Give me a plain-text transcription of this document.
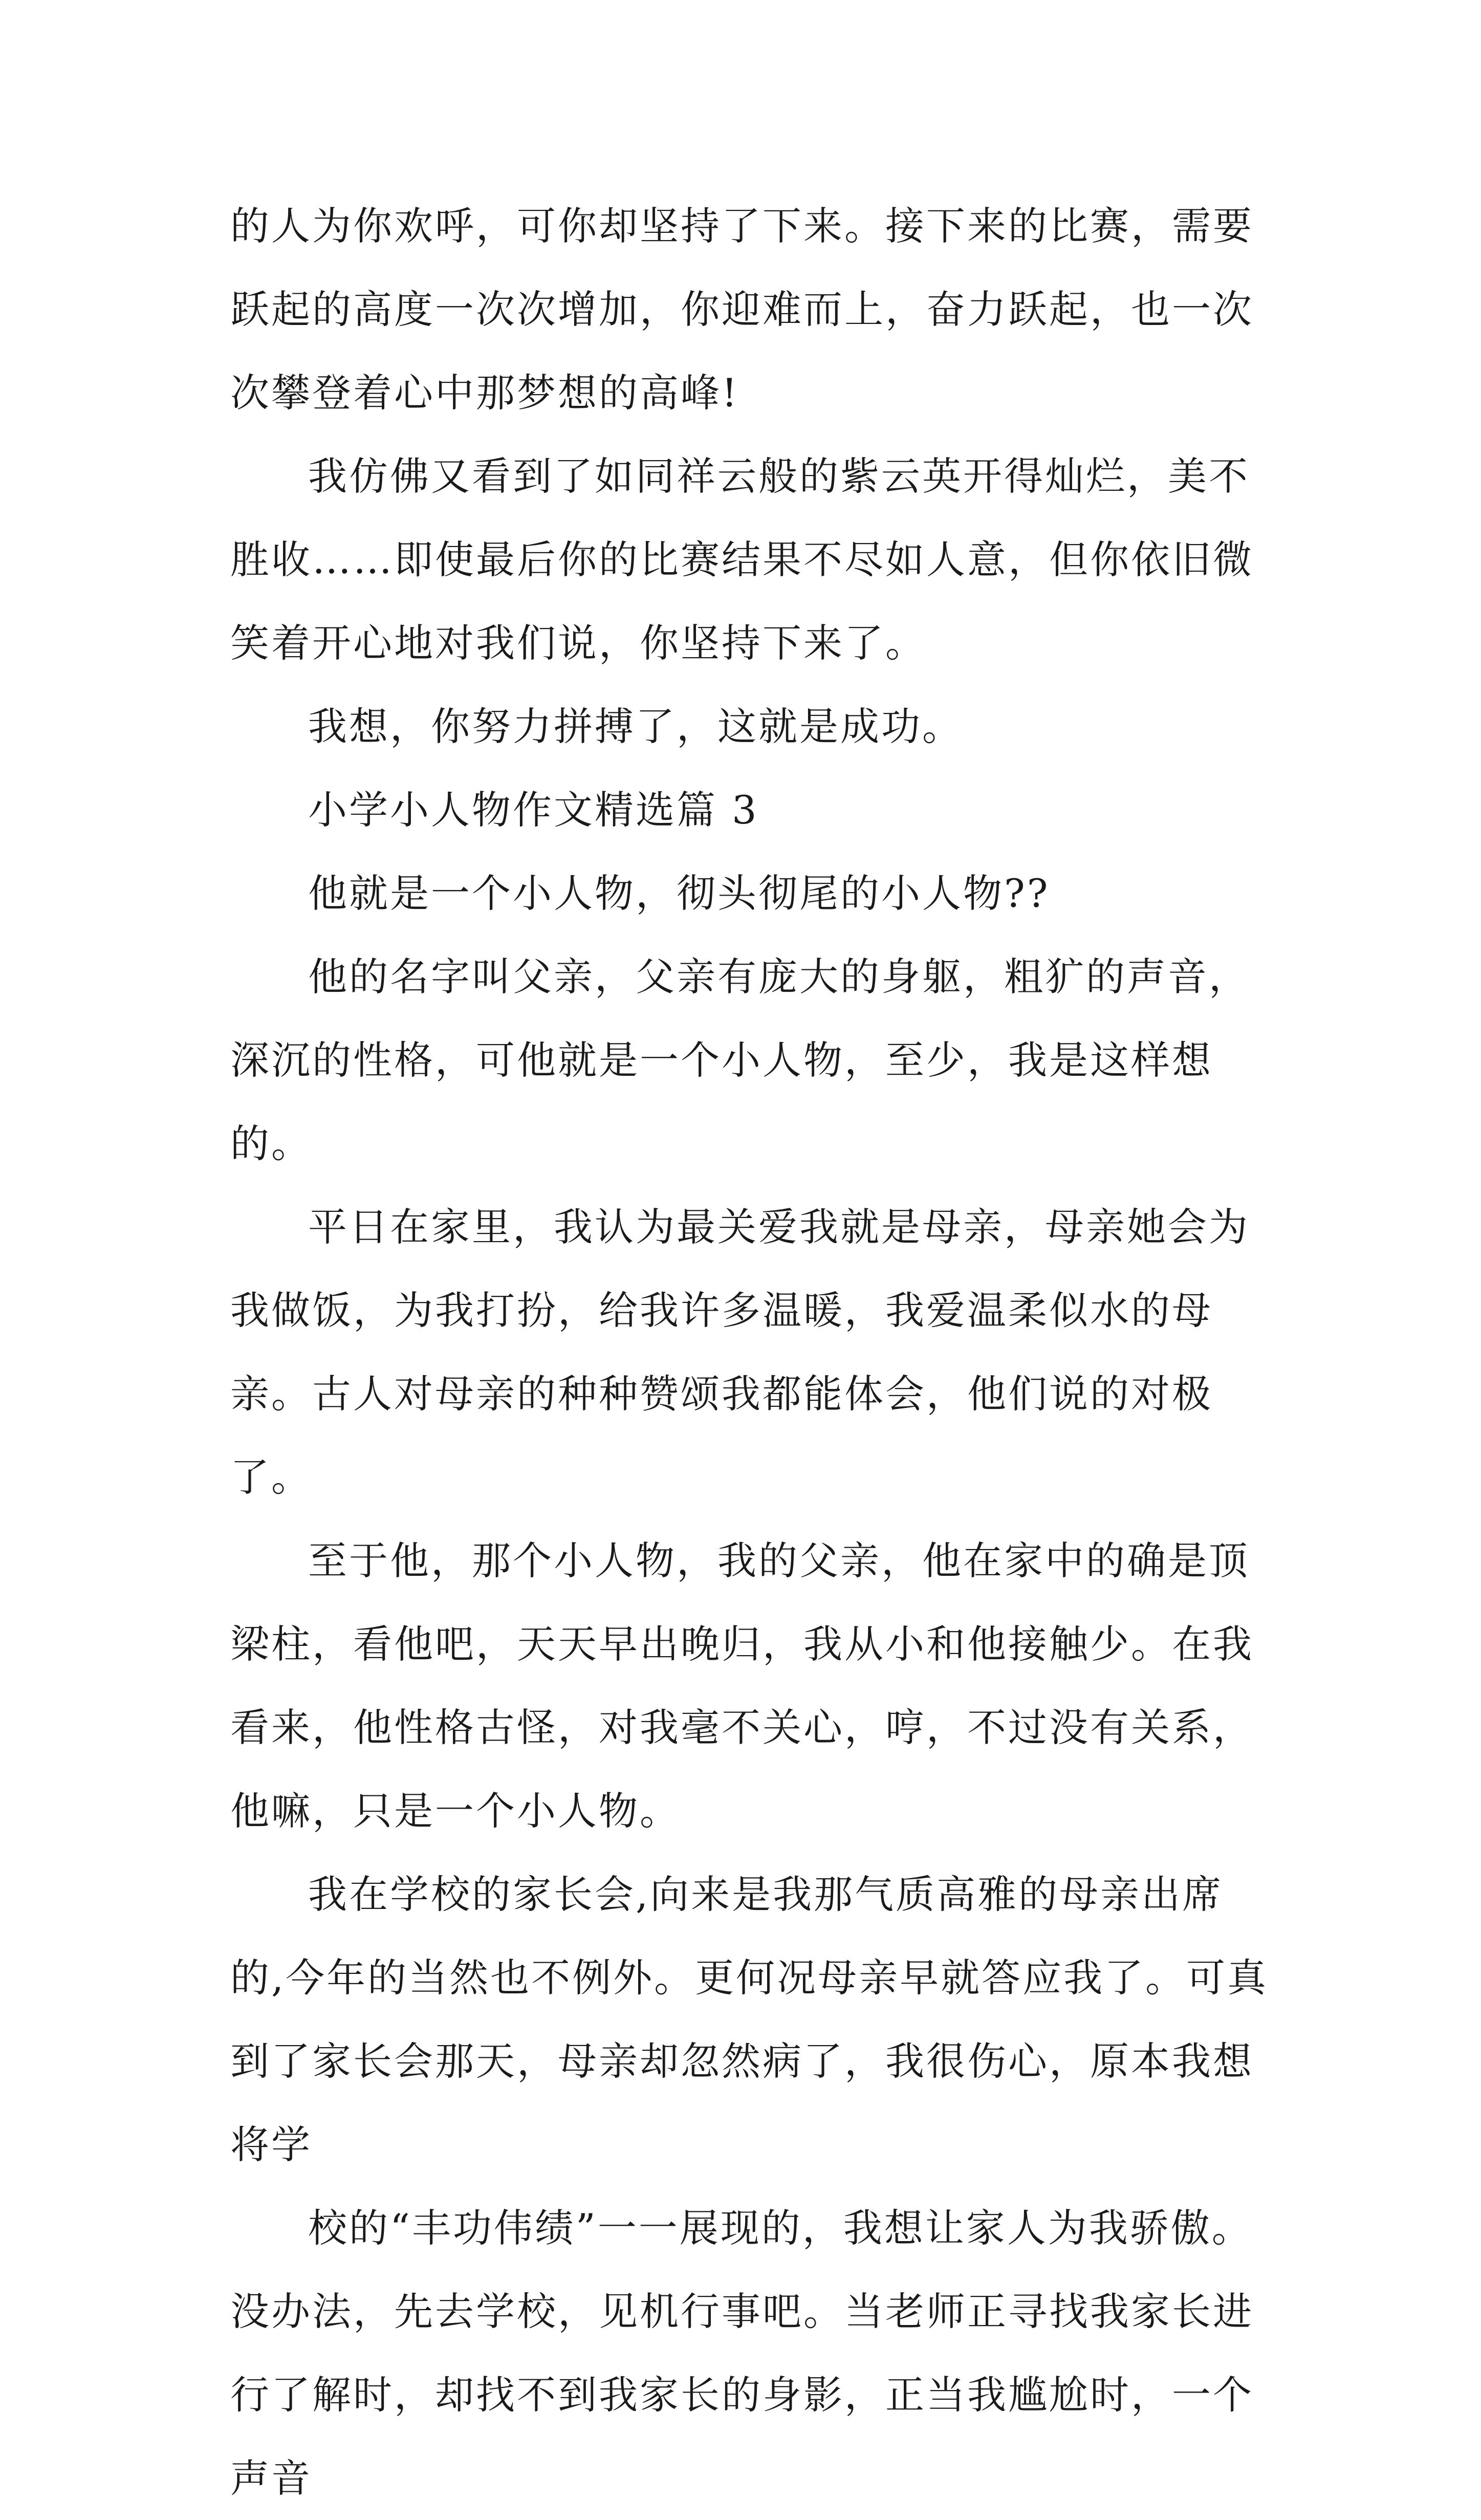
的人为你欢呼，可你却坚持了下来。接下来的比赛，需要跃起的高度一次次增加，你迎难而上，奋力跃起，也一次次攀登着心中那梦想的高峰!

我仿佛又看到了如同祥云般的紫云英开得灿烂，美不胜收……即使最后你的比赛结果不尽如人意，但你依旧微笑着开心地对我们说，你坚持下来了。

我想，你努力拼搏了，这就是成功。

小学小人物作文精选篇 3

他就是一个小人物，彻头彻尾的小人物??

他的名字叫父亲，父亲有庞大的身躯，粗犷的声音，深沉的性格，可他就是一个小人物，至少，我是这样想的。

平日在家里，我认为最关爱我就是母亲，母亲她会为我做饭，为我打扮，给我许多温暖，我爱温柔似水的母亲。古人对母亲的种种赞颂我都能体会，他们说的对极了。

至于他，那个小人物，我的父亲，他在家中的确是顶梁柱，看他吧，天天早出晚归，我从小和他接触少。在我看来，他性格古怪，对我毫不关心，哼，不过没有关系，他嘛，只是一个小人物。

我在学校的家长会,向来是我那气质高雅的母亲出席的,今年的当然也不例外。更何况母亲早就答应我了。可真到了家长会那天，母亲却忽然病了，我很伤心，原本我想将学

校的“丰功伟绩”一一展现的，我想让家人为我骄傲。没办法，先去学校，见机行事吧。当老师正寻找我家长进行了解时，却找不到我家长的身影，正当我尴尬时，一个声音
